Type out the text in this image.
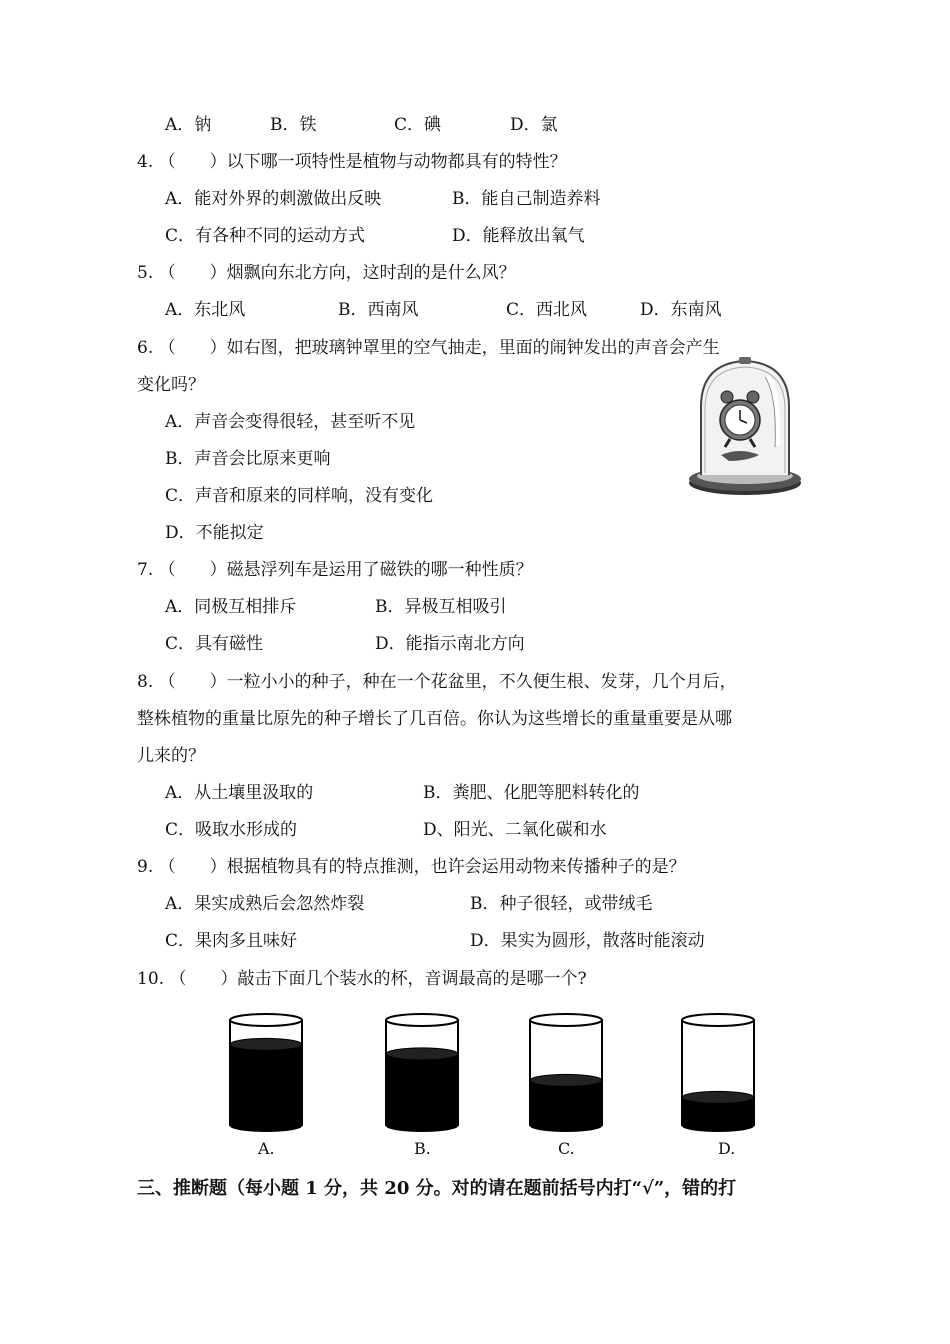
A．钠	B．铁	C．碘	D．氯
4. （　　）以下哪一项特性是植物与动物都具有的特性？
A．能对外界的刺激做出反映	B．能自己制造养料
C．有各种不同的运动方式	D．能释放出氧气
5. （　　）烟飘向东北方向，这时刮的是什么风？
A．东北风	B．西南风	C．西北风	D．东南风
6. （　　）如右图，把玻璃钟罩里的空气抽走，里面的闹钟发出的声音会产生
变化吗？
A．声音会变得很轻，甚至听不见
B．声音会比原来更响
C．声音和原来的同样响，没有变化
D．不能拟定
7. （　　）磁悬浮列车是运用了磁铁的哪一种性质？
A．同极互相排斥	B．异极互相吸引
C．具有磁性	D．能指示南北方向
8. （　　）一粒小小的种子，种在一个花盆里，不久便生根、发芽，几个月后，
整株植物的重量比原先的种子增长了几百倍。你认为这些增长的重量重要是从哪
儿来的？
A．从土壤里汲取的	B．粪肥、化肥等肥料转化的
C．吸取水形成的	D、阳光、二氧化碳和水
9. （　　）根据植物具有的特点推测，也许会运用动物来传播种子的是？
A．果实成熟后会忽然炸裂	B．种子很轻，或带绒毛
C．果肉多且味好	D．果实为圆形，散落时能滚动
10. （　　）敲击下面几个装水的杯，音调最高的是哪一个?
A.	B.	C.	D.
三、推断题（每小题 1 分，共 20 分。对的请在题前括号内打“√”，错的打
